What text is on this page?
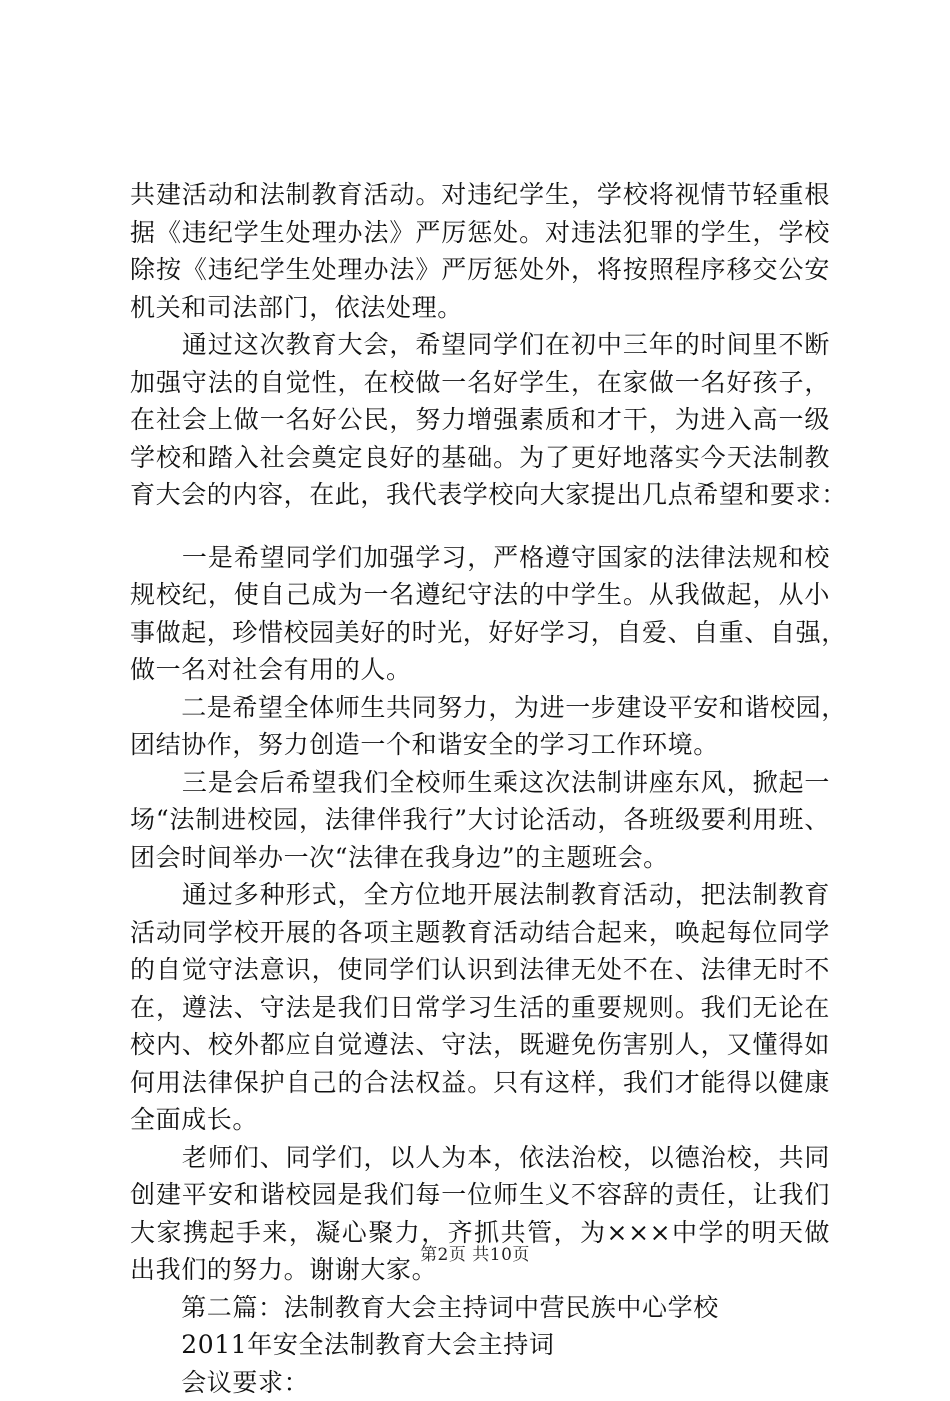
共建活动和法制教育活动。对违纪学生，学校将视情节轻重根
据《违纪学生处理办法》严厉惩处。对违法犯罪的学生，学校
除按《违纪学生处理办法》严厉惩处外，将按照程序移交公安
机关和司法部门，依法处理。
　　通过这次教育大会，希望同学们在初中三年的时间里不断
加强守法的自觉性，在校做一名好学生，在家做一名好孩子，
在社会上做一名好公民，努力增强素质和才干，为进入高一级
学校和踏入社会奠定良好的基础。为了更好地落实今天法制教
育大会的内容，在此，我代表学校向大家提出几点希望和要求：
　　一是希望同学们加强学习，严格遵守国家的法律法规和校
规校纪，使自己成为一名遵纪守法的中学生。从我做起，从小
事做起，珍惜校园美好的时光，好好学习，自爱、自重、自强，
做一名对社会有用的人。
　　二是希望全体师生共同努力，为进一步建设平安和谐校园，
团结协作，努力创造一个和谐安全的学习工作环境。
　　三是会后希望我们全校师生乘这次法制讲座东风，掀起一
场“法制进校园，法律伴我行”大讨论活动，各班级要利用班、
团会时间举办一次“法律在我身边”的主题班会。
　　通过多种形式，全方位地开展法制教育活动，把法制教育
活动同学校开展的各项主题教育活动结合起来，唤起每位同学
的自觉守法意识，使同学们认识到法律无处不在、法律无时不
在，遵法、守法是我们日常学习生活的重要规则。我们无论在
校内、校外都应自觉遵法、守法，既避免伤害别人，又懂得如
何用法律保护自己的合法权益。只有这样，我们才能得以健康
全面成长。
　　老师们、同学们，以人为本，依法治校，以德治校，共同
创建平安和谐校园是我们每一位师生义不容辞的责任，让我们
大家携起手来，凝心聚力，齐抓共管，为×××中学的明天做
出我们的努力。谢谢大家。
　　第二篇：法制教育大会主持词中营民族中心学校
　　2011年安全法制教育大会主持词
　　会议要求：
第2页 共10页
